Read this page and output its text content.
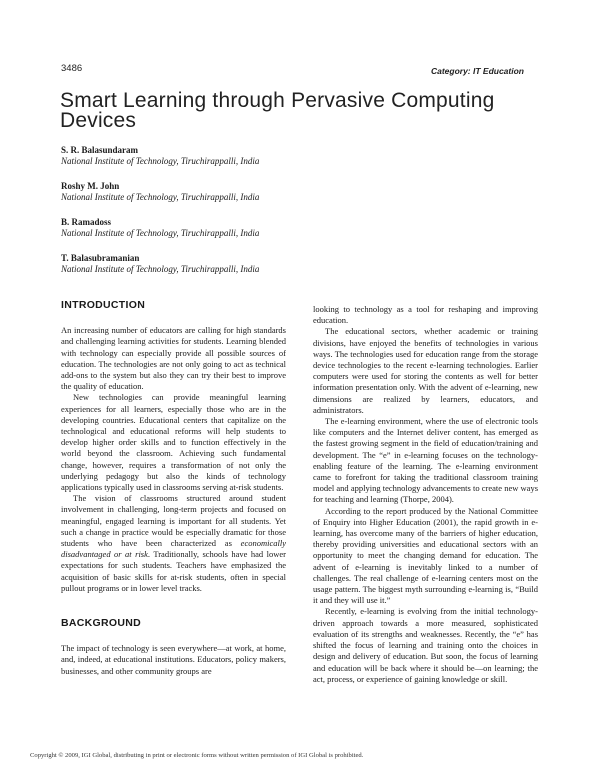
3486	Category: IT Education
Smart Learning through Pervasive Computing Devices
S. R. Balasundaram
National Institute of Technology, Tiruchirappalli, India
Roshy M. John
National Institute of Technology, Tiruchirappalli, India
B. Ramadoss
National Institute of Technology, Tiruchirappalli, India
T. Balasubramanian
National Institute of Technology, Tiruchirappalli, India
INTRODUCTION

An increasing number of educators are calling for high standards and challenging learning activities for students. Learning blended with technology can especially provide all possible sources of education. The technologies are not only going to act as technical add-ons to the system but also they can try their best to improve the quality of education.

New technologies can provide meaningful learning experiences for all learners, especially those who are in the developing countries. Educational centers that capitalize on the technological and educational reforms will help students to develop higher order skills and to function effectively in the world beyond the classroom. Achieving such fundamental change, however, requires a transformation of not only the underlying pedagogy but also the kinds of technology applications typically used in classrooms serving at-risk students.

The vision of classrooms structured around student involvement in challenging, long-term projects and focused on meaningful, engaged learning is important for all students. Yet such a change in practice would be especially dramatic for those students who have been characterized as economically disadvantaged or at risk. Traditionally, schools have had lower expectations for such students. Teachers have emphasized the acquisition of basic skills for at-risk students, often in special pullout programs or in lower level tracks.

BACKGROUND

The impact of technology is seen everywhere—at work, at home, and, indeed, at educational institutions. Educators, policy makers, businesses, and other community groups are

looking to technology as a tool for reshaping and improving education.

The educational sectors, whether academic or training divisions, have enjoyed the benefits of technologies in various ways. The technologies used for education range from the storage device technologies to the recent e-learning technologies. Earlier computers were used for storing the contents as well for better information presentation only. With the advent of e-learning, new dimensions are realized by learners, educators, and administrators.

The e-learning environment, where the use of electronic tools like computers and the Internet deliver content, has emerged as the fastest growing segment in the field of education/training and development. The “e” in e-learning focuses on the technology-enabling feature of the learning. The e-learning environment came to forefront for taking the traditional classroom training model and applying technology advancements to create new ways for teaching and learning (Thorpe, 2004).

According to the report produced by the National Committee of Enquiry into Higher Education (2001), the rapid growth in e-learning, has overcome many of the barriers of higher education, thereby providing universities and educational sectors with an opportunity to meet the changing demand for education. The advent of e-learning is inevitably linked to a number of challenges. The real challenge of e-learning centers most on the usage pattern. The biggest myth surrounding e-learning is, “Build it and they will use it.”

Recently, e-learning is evolving from the initial technology-driven approach towards a more measured, sophisticated evaluation of its strengths and weaknesses. Recently, the “e” has shifted the focus of learning and training onto the choices in design and delivery of education. But soon, the focus of learning and education will be back where it should be—on learning; the act, process, or experience of gaining knowledge or skill.

Copyright © 2009, IGI Global, distributing in print or electronic forms without written permission of IGI Global is prohibited.
